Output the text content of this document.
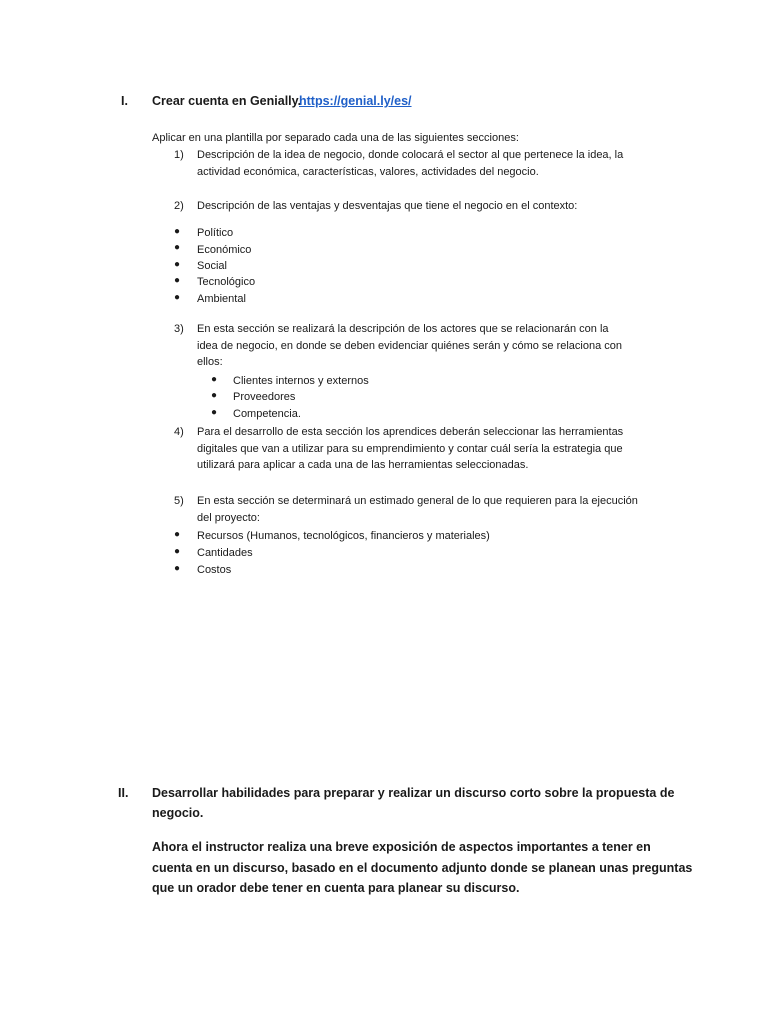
I. Crear cuenta en Genially.
https://genial.ly/es/
Aplicar en una plantilla por separado cada una de las siguientes secciones:
1) Descripción de la idea de negocio, donde colocará el sector al que pertenece la idea, la
actividad económica, características, valores, actividades del negocio.
2) Descripción de las ventajas y desventajas que tiene el negocio en el contexto:
● Político
● Económico
● Social
● Tecnológico
● Ambiental
3) En esta sección se realizará la descripción de los actores que se relacionarán con la
idea de negocio, en donde se deben evidenciar quiénes serán y cómo se relaciona con
ellos:
● Clientes internos y externos
● Proveedores
● Competencia.
4) Para el desarrollo de esta sección los aprendices deberán seleccionar las herramientas
digitales que van a utilizar para su emprendimiento y contar cuál sería la estrategia que
utilizará para aplicar a cada una de las herramientas seleccionadas.
5) En esta sección se determinará un estimado general de lo que requieren para la ejecución
del proyecto:
● Recursos (Humanos, tecnológicos, financieros y materiales)
● Cantidades
● Costos
II. Desarrollar habilidades para preparar y realizar un discurso corto sobre la propuesta de
negocio.
Ahora el instructor realiza una breve exposición de aspectos importantes a tener en
cuenta en un discurso, basado en el documento adjunto donde se planean unas preguntas
que un orador debe tener en cuenta para planear su discurso.
